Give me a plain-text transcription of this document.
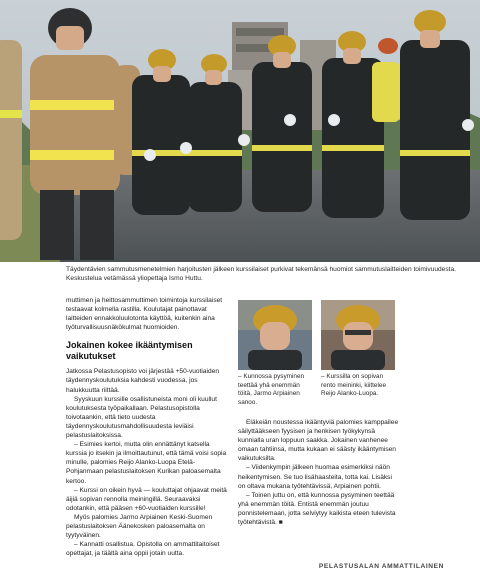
Täydentävien sammutusmenetelmien harjoitusten jälkeen kurssilaiset purkivat tekemänsä huomiot sammutuslaitteiden toimivuudesta. Keskustelua vetämässä yliopettaja Ismo Huttu.

muttimen ja heittosammuttimen toimintoja kurssilaiset testaavat kolmella rastilla. Koulutajat painottavat laitteiden ennakkoluulotonta käyttöä, kuitenkin aina työturvallisuusnäkökulmat huomioiden.

Jokainen kokee ikääntymisen vaikutukset

Jatkossa Pelastusopisto voi järjestää +50-vuotiaiden täydennyskoulutuksia kahdesti vuodessa, jos halukkuutta riittää.

Syyskuun kurssille osallistuneista moni oli kuullut koulutuksesta työpaikallaan. Pelastusopistolla toivotaankin, että tieto uudesta täydennyskoulutusmahdollisuudesta leviäisi pelastuslaitoksissa.

– Esimies kertoi, mutta olin ennättänyt katsella kurssia jo itsekin ja ilmoittautunut, että tämä voisi sopia minulle, palomies Reijo Alanko-Luopa Etelä-Pohjanmaan pelastuslaitoksen Kurikan paloasemalta kertoo.

– Kurssi on oikein hyvä — kouluttajat ohjaavat meitä äijiä sopivan rennolla meiningillä. Seuraavaksi odotankin, että pääsen +60-vuotiaiden kurssille!

Myös palomies Jarmo Arpiainen Keski-Suomen pelastuslaitoksen Äänekosken paloasemalta on tyytyväinen.

– Kannatti osallistua. Opistolla on ammattitaitoiset opettajat, ja täältä aina oppii jotain uutta.

– Kunnossa pysyminen teettää yhä enemmän töitä, Jarmo Arpiainen sanoo.
– Kurssilla on sopivan rento meininki, kiittelee Reijo Alanko-Luopa.

Eläkeiän noustessa ikääntyviä palomies kamppailee säilyttääkseen fyysisen ja henkisen työkykynsä kunnialla uran loppuun saakka. Jokainen vanhenee omaan tahtiinsa, mutta kukaan ei säästy ikääntymisen vaikutuksilta.

– Viidenkympin jälkeen huomaa esimerkiksi näön heikentymisen. Se tuo lisähaasteita, totta kai. Lisäksi on oltava mukana työtehtävissä, Arpiainen pohtii.

– Toinen juttu on, että kunnossa pysyminen teettää yhä enemmän töitä. Entistä enemmän joutuu ponnistelemaan, jotta selviytyy kaikista eteen tulevista työtehtävistä. ■

PELASTUSALAN AMMATTILAINEN
